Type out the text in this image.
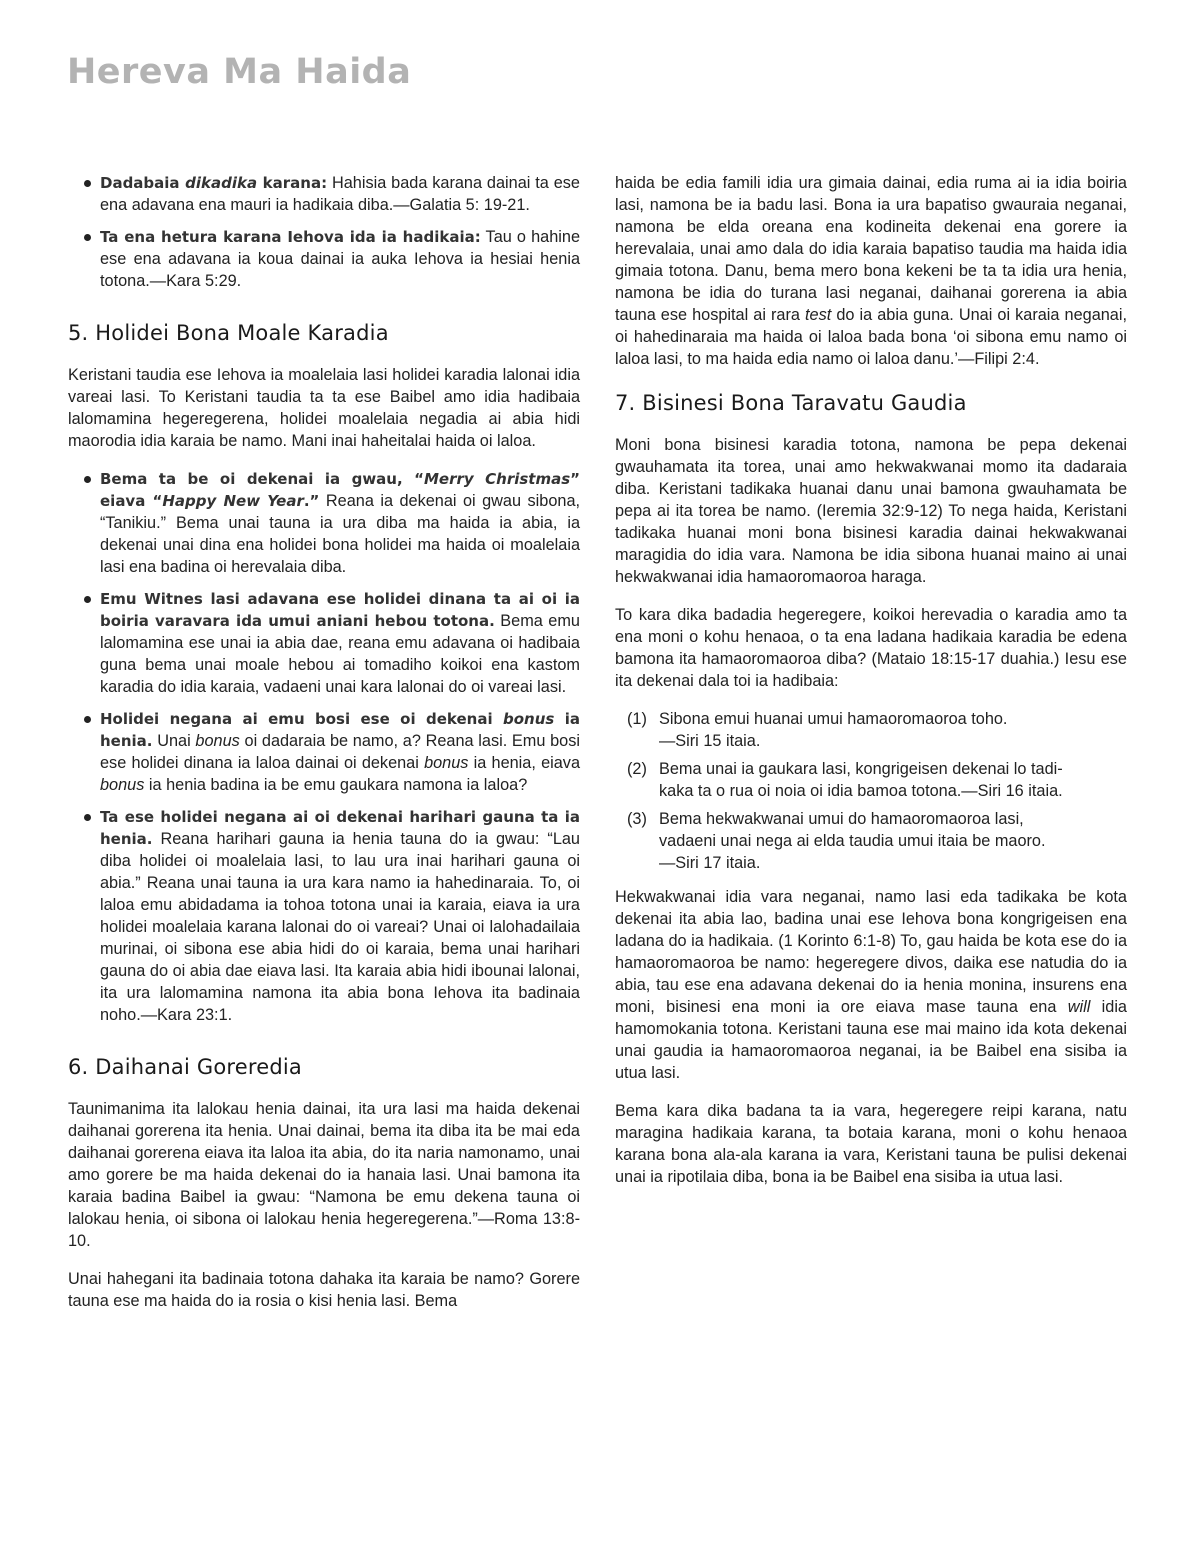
Hereva Ma Haida
Dadabaia dikadika karana: Hahisia bada karana dainai ta ese ena adavana ena mauri ia hadikaia diba.—Galatia 5: 19-21.
Ta ena hetura karana Iehova ida ia hadikaia: Tau o hahine ese ena adavana ia koua dainai ia auka Iehova ia hesiai henia totona.—Kara 5:29.
5. Holidei Bona Moale Karadia

Keristani taudia ese Iehova ia moalelaia lasi holidei karadia lalonai idia vareai lasi. To Keristani taudia ta ta ese Baibel amo idia hadibaia lalomamina hegeregerena, holidei moalelaia negadia ai abia hidi maorodia idia karaia be namo. Mani inai haheitalai haida oi laloa.

Bema ta be oi dekenai ia gwau, “Merry Christmas” eiava “Happy New Year.” Reana ia dekenai oi gwau sibona, “Tanikiu.” Bema unai tauna ia ura diba ma haida ia abia, ia dekenai unai dina ena holidei bona holidei ma haida oi moalelaia lasi ena badina oi herevalaia diba.
Emu Witnes lasi adavana ese holidei dinana ta ai oi ia boiria varavara ida umui aniani hebou totona. Bema emu lalomamina ese unai ia abia dae, reana emu adavana oi hadibaia guna bema unai moale hebou ai tomadiho koikoi ena kastom karadia do idia karaia, vadaeni unai kara lalonai do oi vareai lasi.
Holidei negana ai emu bosi ese oi dekenai bonus ia henia. Unai bonus oi dadaraia be namo, a? Reana lasi. Emu bosi ese holidei dinana ia laloa dainai oi dekenai bonus ia henia, eiava bonus ia henia badina ia be emu gaukara namona ia laloa?
Ta ese holidei negana ai oi dekenai harihari gauna ta ia henia. Reana harihari gauna ia henia tauna do ia gwau: “Lau diba holidei oi moalelaia lasi, to lau ura inai harihari gauna oi abia.” Reana unai tauna ia ura kara namo ia hahedinaraia. To, oi laloa emu abidadama ia tohoa totona unai ia karaia, eiava ia ura holidei moalelaia karana lalonai do oi vareai? Unai oi lalohadailaia murinai, oi sibona ese abia hidi do oi karaia, bema unai harihari gauna do oi abia dae eiava lasi. Ita karaia abia hidi ibounai lalonai, ita ura lalomamina namona ita abia bona Iehova ita badinaia noho.—Kara 23:1.
6. Daihanai Goreredia

Taunimanima ita lalokau henia dainai, ita ura lasi ma haida dekenai daihanai gorerena ita henia. Unai dainai, bema ita diba ita be mai eda daihanai gorerena eiava ita laloa ita abia, do ita naria namonamo, unai amo gorere be ma haida dekenai do ia hanaia lasi. Unai bamona ita karaia badina Baibel ia gwau: “Namona be emu dekena tauna oi lalokau henia, oi sibona oi lalokau henia hegeregerena.”—Roma 13:8-10.

Unai hahegani ita badinaia totona dahaka ita karaia be namo? Gorere tauna ese ma haida do ia rosia o kisi henia lasi. Bema

haida be edia famili idia ura gimaia dainai, edia ruma ai ia idia boiria lasi, namona be ia badu lasi. Bona ia ura bapatiso gwauraia neganai, namona be elda oreana ena kodineita dekenai ena gorere ia herevalaia, unai amo dala do idia karaia bapatiso taudia ma haida idia gimaia totona. Danu, bema mero bona kekeni be ta ta idia ura henia, namona be idia do turana lasi neganai, daihanai gorerena ia abia tauna ese hospital ai rara test do ia abia guna. Unai oi karaia neganai, oi hahedinaraia ma haida oi laloa bada bona ‘oi sibona emu namo oi laloa lasi, to ma haida edia namo oi laloa danu.’—Filipi 2:4.

7. Bisinesi Bona Taravatu Gaudia

Moni bona bisinesi karadia totona, namona be pepa dekenai gwauhamata ita torea, unai amo hekwakwanai momo ita dadaraia diba. Keristani tadikaka huanai danu unai bamona gwauhamata be pepa ai ita torea be namo. (Ieremia 32:9-12) To nega haida, Keristani tadikaka huanai moni bona bisinesi karadia dainai hekwakwanai maragidia do idia vara. Namona be idia sibona huanai maino ai unai hekwakwanai idia hamaoromaoroa haraga.

To kara dika badadia hegeregere, koikoi herevadia o karadia amo ta ena moni o kohu henaoa, o ta ena ladana hadikaia karadia be edena bamona ita hamaoromaoroa diba? (Mataio 18:15-17 duahia.) Iesu ese ita dekenai dala toi ia hadibaia:

(1) Sibona emui huanai umui hamaoromaoroa toho.
—Siri 15 itaia.
(2) Bema unai ia gaukara lasi, kongrigeisen dekenai lo tadi-
kaka ta o rua oi noia oi idia bamoa totona.—Siri 16 itaia.
(3) Bema hekwakwanai umui do hamaoromaoroa lasi,
vadaeni unai nega ai elda taudia umui itaia be maoro.
—Siri 17 itaia.

Hekwakwanai idia vara neganai, namo lasi eda tadikaka be kota dekenai ita abia lao, badina unai ese Iehova bona kongrigeisen ena ladana do ia hadikaia. (1 Korinto 6:1-8) To, gau haida be kota ese do ia hamaoromaoroa be namo: hegeregere divos, daika ese natudia do ia abia, tau ese ena adavana dekenai do ia henia monina, insurens ena moni, bisinesi ena moni ia ore eiava mase tauna ena will idia hamomokania totona. Keristani tauna ese mai maino ida kota dekenai unai gaudia ia hamaoromaoroa neganai, ia be Baibel ena sisiba ia utua lasi.

Bema kara dika badana ta ia vara, hegeregere reipi karana, natu maragina hadikaia karana, ta botaia karana, moni o kohu henaoa karana bona ala-ala karana ia vara, Keristani tauna be pulisi dekenai unai ia ripotilaia diba, bona ia be Baibel ena sisiba ia utua lasi.
